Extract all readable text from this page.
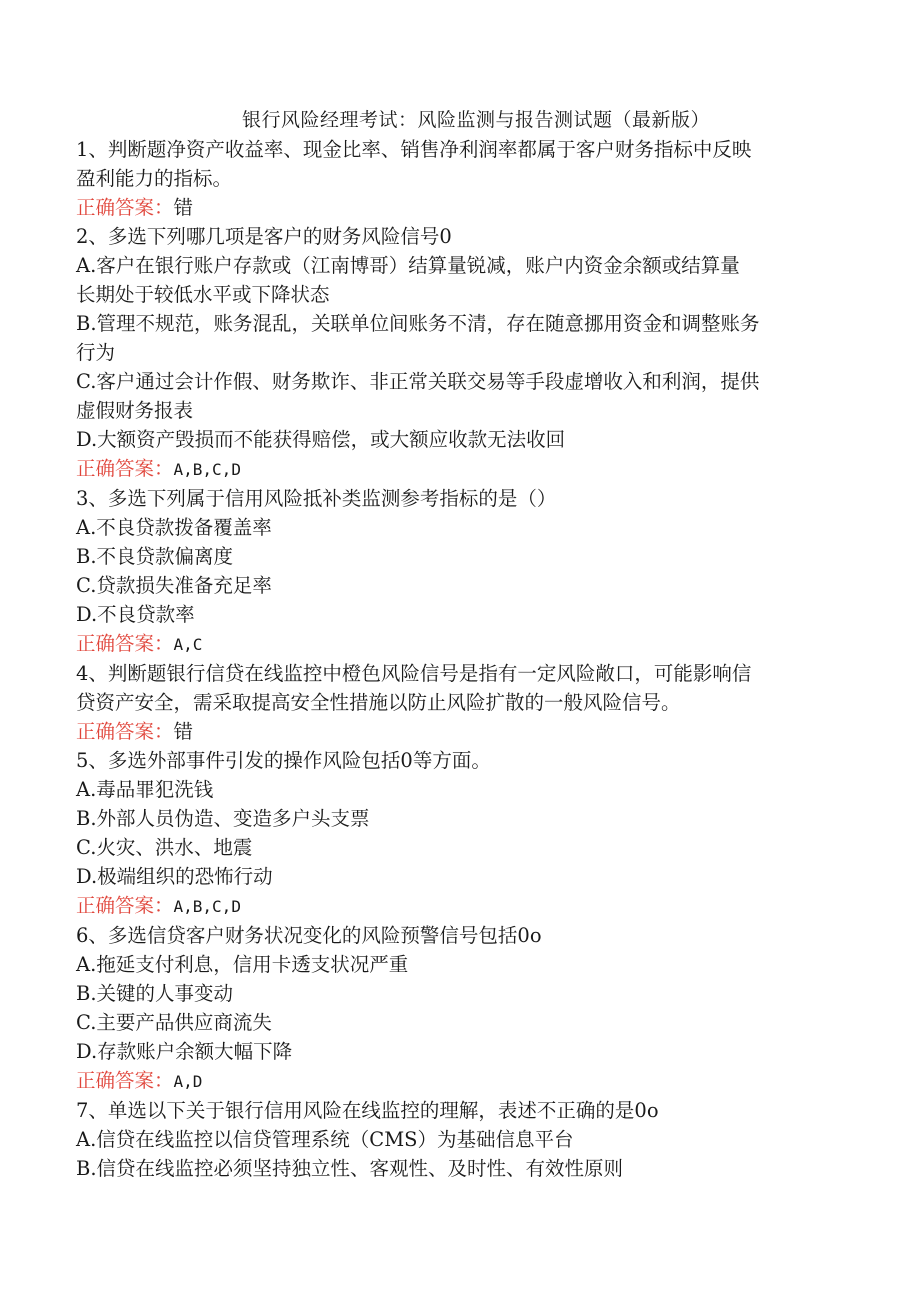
银行风险经理考试：风险监测与报告测试题（最新版）
1、判断题净资产收益率、现金比率、销售净利润率都属于客户财务指标中反映
盈利能力的指标。
正确答案：错
2、多选下列哪几项是客户的财务风险信号0
A.客户在银行账户存款或（江南博哥）结算量锐减，账户内资金余额或结算量
长期处于较低水平或下降状态
B.管理不规范，账务混乱，关联单位间账务不清，存在随意挪用资金和调整账务
行为
C.客户通过会计作假、财务欺诈、非正常关联交易等手段虚增收入和利润，提供
虚假财务报表
D.大额资产毁损而不能获得赔偿，或大额应收款无法收回
正确答案：A,B,C,D
3、多选下列属于信用风险抵补类监测参考指标的是（）
A.不良贷款拨备覆盖率
B.不良贷款偏离度
C.贷款损失准备充足率
D.不良贷款率
正确答案：A,C
4、判断题银行信贷在线监控中橙色风险信号是指有一定风险敞口，可能影响信
贷资产安全，需采取提高安全性措施以防止风险扩散的一般风险信号。
正确答案：错
5、多选外部事件引发的操作风险包括0等方面。
A.毒品罪犯洗钱
B.外部人员伪造、变造多户头支票
C.火灾、洪水、地震
D.极端组织的恐怖行动
正确答案：A,B,C,D
6、多选信贷客户财务状况变化的风险预警信号包括0o
A.拖延支付利息，信用卡透支状况严重
B.关键的人事变动
C.主要产品供应商流失
D.存款账户余额大幅下降
正确答案：A,D
7、单选以下关于银行信用风险在线监控的理解，表述不正确的是0o
A.信贷在线监控以信贷管理系统（CMS）为基础信息平台
B.信贷在线监控必须坚持独立性、客观性、及时性、有效性原则
